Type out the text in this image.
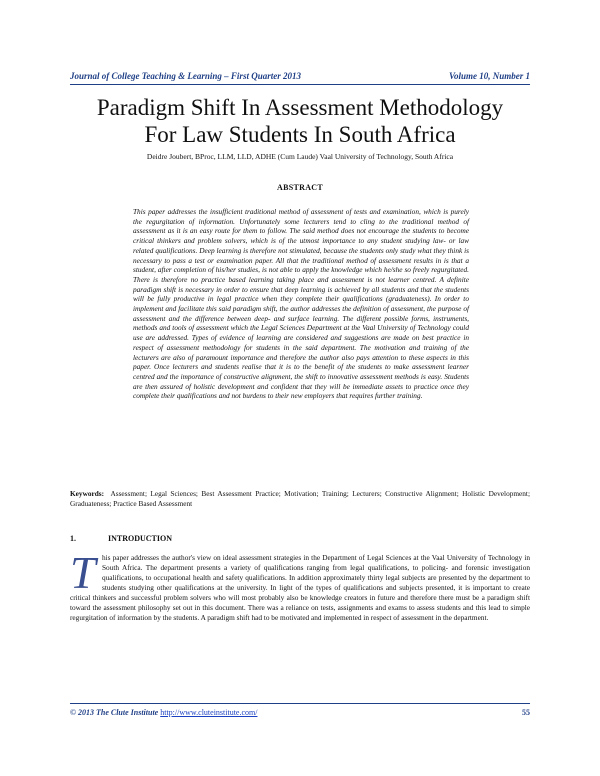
Journal of College Teaching & Learning – First Quarter 2013	Volume 10, Number 1
Paradigm Shift In Assessment Methodology
For Law Students In South Africa
Deidre Joubert, BProc, LLM, LLD, ADHE (Cum Laude) Vaal University of Technology, South Africa
ABSTRACT
This paper addresses the insufficient traditional method of assessment of tests and examination, which is purely the regurgitation of information. Unfortunately some lecturers tend to cling to the traditional method of assessment as it is an easy route for them to follow. The said method does not encourage the students to become critical thinkers and problem solvers, which is of the utmost importance to any student studying law- or law related qualifications. Deep learning is therefore not stimulated, because the students only study what they think is necessary to pass a test or examination paper. All that the traditional method of assessment results in is that a student, after completion of his/her studies, is not able to apply the knowledge which he/she so freely regurgitated. There is therefore no practice based learning taking place and assessment is not learner centred. A definite paradigm shift is necessary in order to ensure that deep learning is achieved by all students and that the students will be fully productive in legal practice when they complete their qualifications (graduateness). In order to implement and facilitate this said paradigm shift, the author addresses the definition of assessment, the purpose of assessment and the difference between deep- and surface learning. The different possible forms, instruments, methods and tools of assessment which the Legal Sciences Department at the Vaal University of Technology could use are addressed. Types of evidence of learning are considered and suggestions are made on best practice in respect of assessment methodology for students in the said department. The motivation and training of the lecturers are also of paramount importance and therefore the author also pays attention to these aspects in this paper. Once lecturers and students realise that it is to the benefit of the students to make assessment learner centred and the importance of constructive alignment, the shift to innovative assessment methods is easy. Students are then assured of holistic development and confident that they will be immediate assets to practice once they complete their qualifications and not burdens to their new employers that requires further training.
Keywords: Assessment; Legal Sciences; Best Assessment Practice; Motivation; Training; Lecturers; Constructive Alignment; Holistic Development; Graduateness; Practice Based Assessment
1.	INTRODUCTION
This paper addresses the author's view on ideal assessment strategies in the Department of Legal Sciences at the Vaal University of Technology in South Africa. The department presents a variety of qualifications ranging from legal qualifications, to policing- and forensic investigation qualifications, to occupational health and safety qualifications. In addition approximately thirty legal subjects are presented by the department to students studying other qualifications at the university. In light of the types of qualifications and subjects presented, it is important to create critical thinkers and successful problem solvers who will most probably also be knowledge creators in future and therefore there must be a paradigm shift toward the assessment philosophy set out in this document. There was a reliance on tests, assignments and exams to assess students and this lead to simple regurgitation of information by the students. A paradigm shift had to be motivated and implemented in respect of assessment in the department.
© 2013 The Clute Institute http://www.cluteinstitute.com/	55
